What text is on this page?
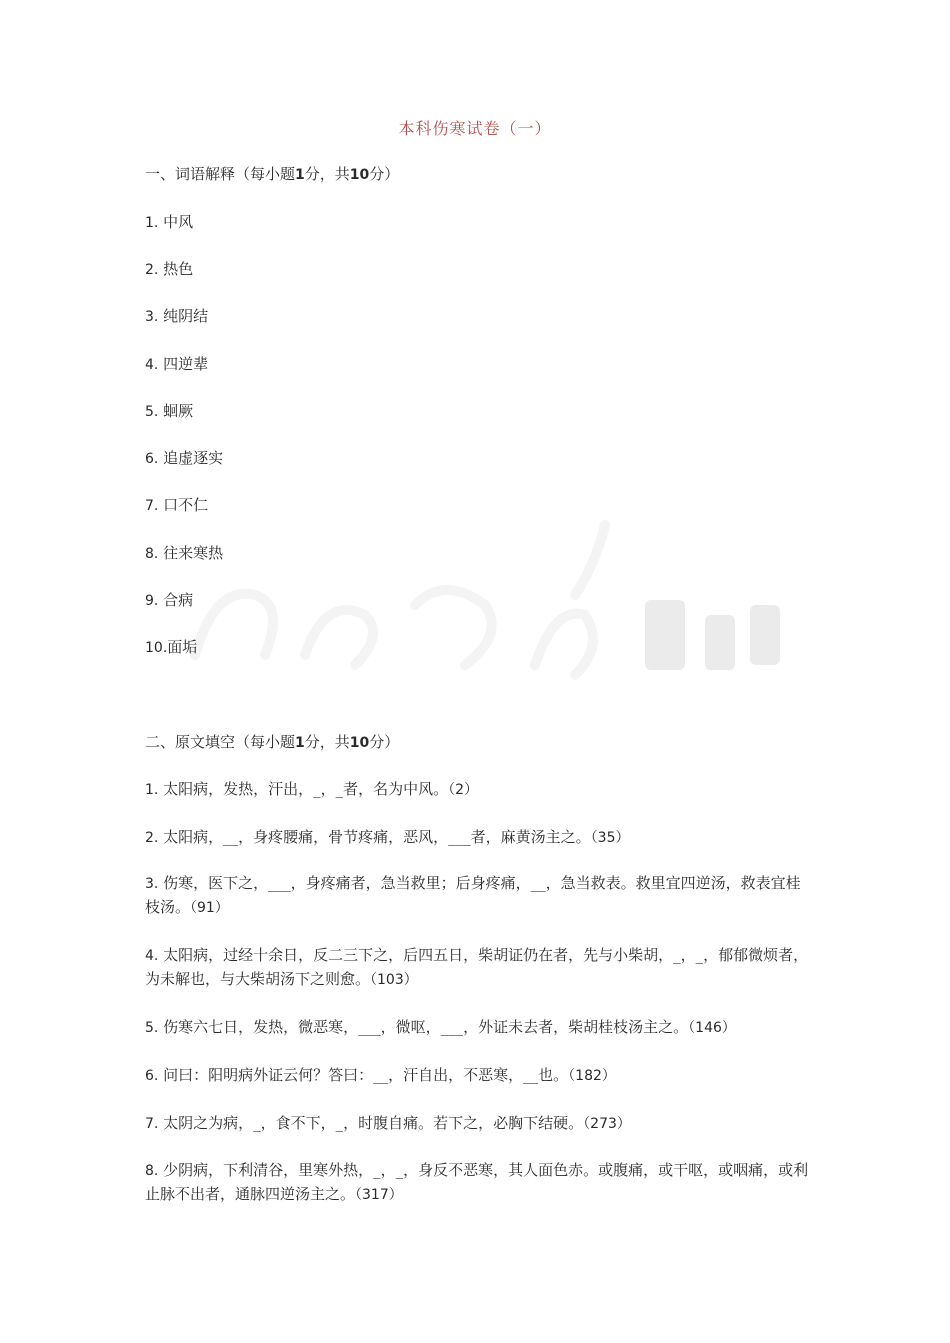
本科伤寒试卷（一）
一、词语解释（每小题1分，共10分）
1. 中风
2. 热色
3. 纯阴结
4. 四逆辈
5. 蛔厥
6. 追虚逐实
7. 口不仁
8. 往来寒热
9. 合病
10.面垢
二、原文填空（每小题1分，共10分）
1. 太阳病，发热，汗出，_，_者，名为中风。（2）
2. 太阳病，__，身疼腰痛，骨节疼痛，恶风，___者，麻黄汤主之。（35）
3. 伤寒，医下之，___，身疼痛者，急当救里；后身疼痛，__，急当救表。救里宜四逆汤，救表宜桂枝汤。（91）
4. 太阳病，过经十余日，反二三下之，后四五日，柴胡证仍在者，先与小柴胡，_，_，郁郁微烦者，为未解也，与大柴胡汤下之则愈。（103）
5. 伤寒六七日，发热，微恶寒，___，微呕，___，外证未去者，柴胡桂枝汤主之。（146）
6. 问曰：阳明病外证云何？答曰：__，汗自出，不恶寒，__也。（182）
7. 太阴之为病，_，食不下，_，时腹自痛。若下之，必胸下结硬。（273）
8. 少阴病，下利清谷，里寒外热，_，_，身反不恶寒，其人面色赤。或腹痛，或干呕，或咽痛，或利止脉不出者，通脉四逆汤主之。（317）
